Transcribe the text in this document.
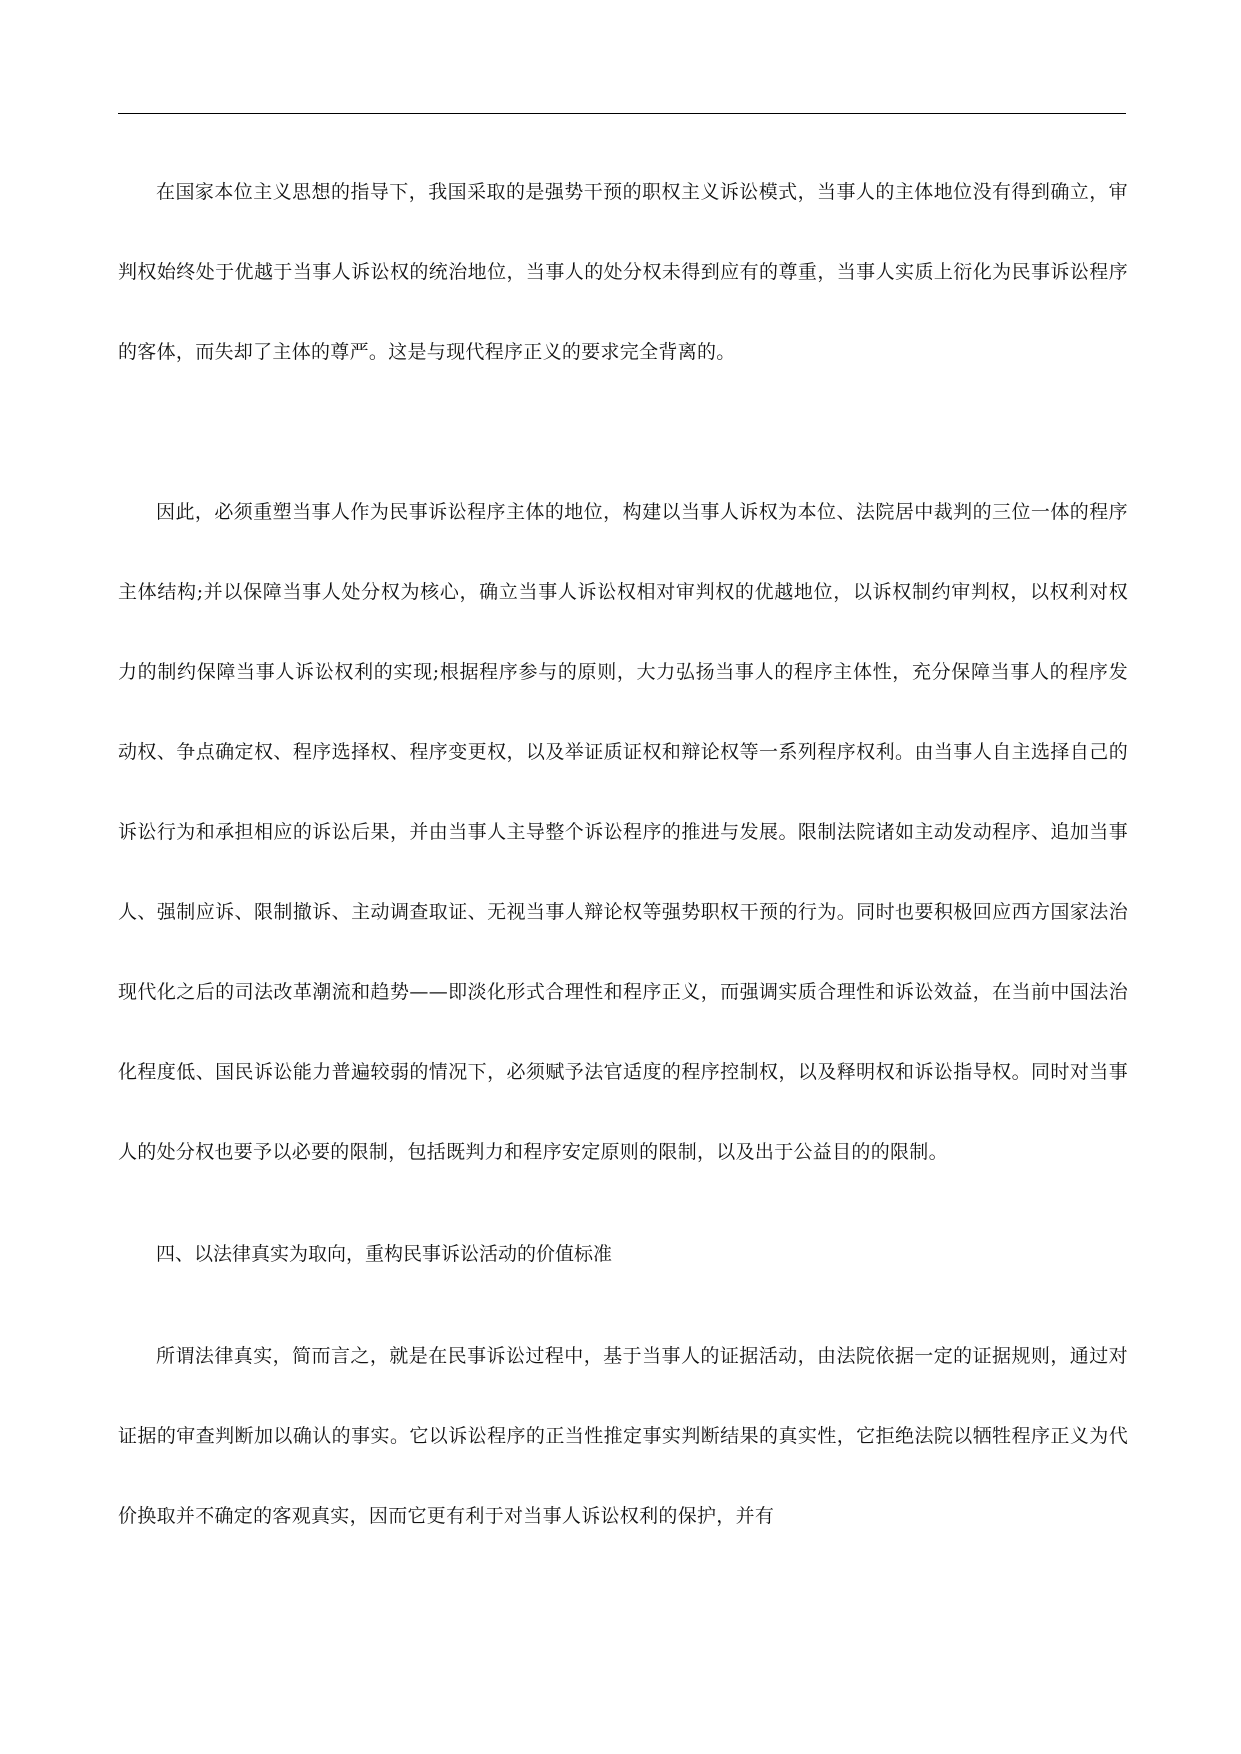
在国家本位主义思想的指导下，我国采取的是强势干预的职权主义诉讼模式，当事人的主体地位没有得到确立，审判权始终处于优越于当事人诉讼权的统治地位，当事人的处分权未得到应有的尊重，当事人实质上衍化为民事诉讼程序的客体，而失却了主体的尊严。这是与现代程序正义的要求完全背离的。

因此，必须重塑当事人作为民事诉讼程序主体的地位，构建以当事人诉权为本位、法院居中裁判的三位一体的程序主体结构;并以保障当事人处分权为核心，确立当事人诉讼权相对审判权的优越地位，以诉权制约审判权，以权利对权力的制约保障当事人诉讼权利的实现;根据程序参与的原则，大力弘扬当事人的程序主体性，充分保障当事人的程序发动权、争点确定权、程序选择权、程序变更权，以及举证质证权和辩论权等一系列程序权利。由当事人自主选择自己的诉讼行为和承担相应的诉讼后果，并由当事人主导整个诉讼程序的推进与发展。限制法院诸如主动发动程序、追加当事人、强制应诉、限制撤诉、主动调查取证、无视当事人辩论权等强势职权干预的行为。同时也要积极回应西方国家法治现代化之后的司法改革潮流和趋势——即淡化形式合理性和程序正义，而强调实质合理性和诉讼效益，在当前中国法治化程度低、国民诉讼能力普遍较弱的情况下，必须赋予法官适度的程序控制权，以及释明权和诉讼指导权。同时对当事人的处分权也要予以必要的限制，包括既判力和程序安定原则的限制，以及出于公益目的的限制。

四、以法律真实为取向，重构民事诉讼活动的价值标准

所谓法律真实，简而言之，就是在民事诉讼过程中，基于当事人的证据活动，由法院依据一定的证据规则，通过对证据的审查判断加以确认的事实。它以诉讼程序的正当性推定事实判断结果的真实性，它拒绝法院以牺牲程序正义为代价换取并不确定的客观真实，因而它更有利于对当事人诉讼权利的保护，并有
